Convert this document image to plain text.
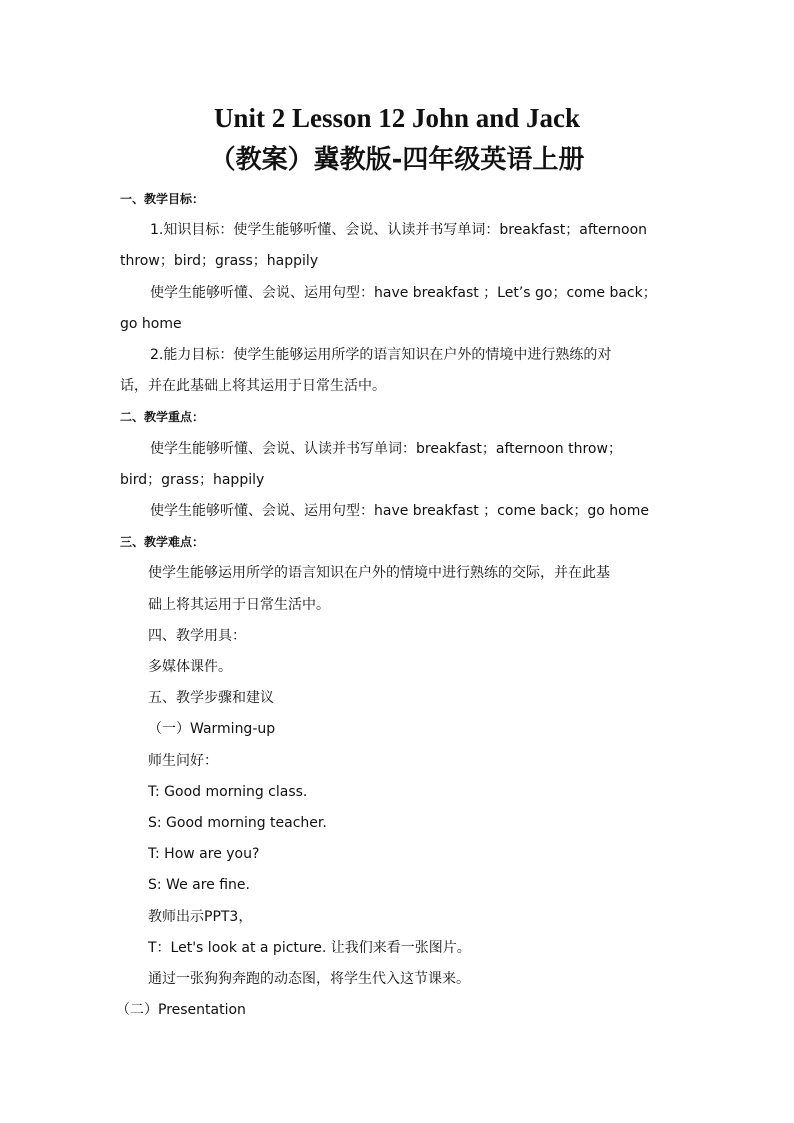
Unit 2 Lesson 12 John and Jack
（教案）冀教版-四年级英语上册
一、教学目标：
1.知识目标：使学生能够听懂、会说、认读并书写单词：breakfast；afternoon
throw；bird；grass；happily
使学生能够听懂、会说、运用句型：have breakfast ；Let’s go；come back；
go home
2.能力目标：使学生能够运用所学的语言知识在户外的情境中进行熟练的对
话，并在此基础上将其运用于日常生活中。
二、教学重点：
使学生能够听懂、会说、认读并书写单词：breakfast；afternoon throw；
bird；grass；happily
使学生能够听懂、会说、运用句型：have breakfast ；come back；go home
三、教学难点：
使学生能够运用所学的语言知识在户外的情境中进行熟练的交际，并在此基
础上将其运用于日常生活中。
四、教学用具：
多媒体课件。
五、教学步骤和建议
（一）Warming-up
师生问好：
T: Good morning class.
S: Good morning teacher.
T: How are you?
S: We are fine.
教师出示PPT3，
T：Let's look at a picture. 让我们来看一张图片。
通过一张狗狗奔跑的动态图，将学生代入这节课来。
（二）Presentation
